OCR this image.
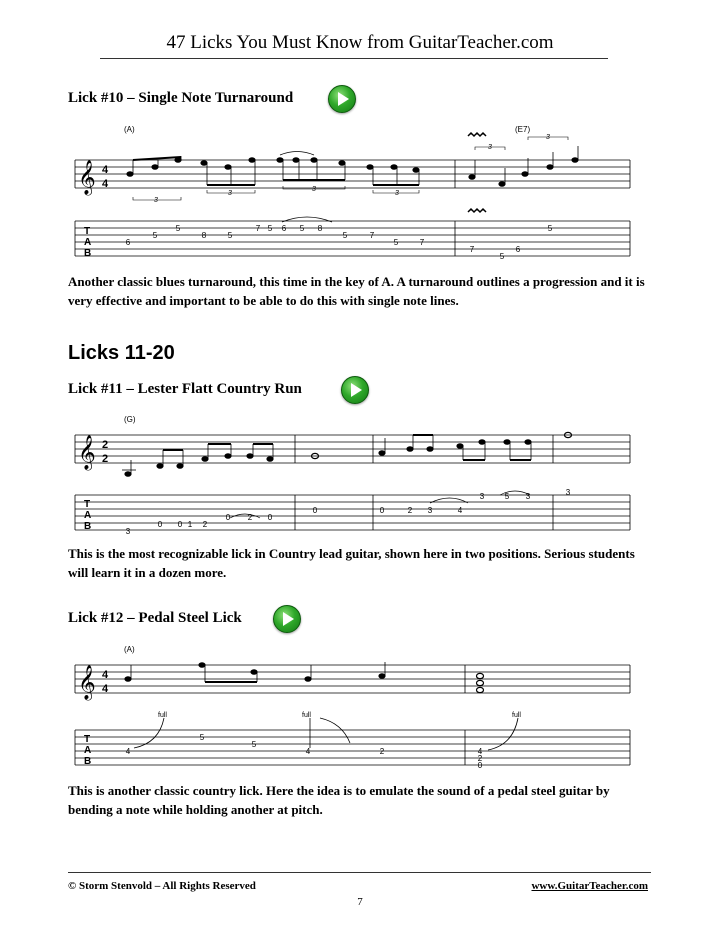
47 Licks You Must Know from GuitarTeacher.com
Lick #10 – Single Note Turnaround
(A)	(E7)
𝄞 4
4
3
3
3
3
3
3
T
A
B
6
5
5
8	5
7 5 6 5 8
5	7
5	7
7
5
6
5
Another classic blues turnaround, this time in the key of A. A turnaround outlines a progression and it is very effective and important to be able to do this with single note lines.
Licks 11-20
Lick #11 – Lester Flatt Country Run
(G)
𝄞 2
2
T
A
B	3
0 0 1 2
0 2 0
0	0	2 3	4
3	5 3	3
This is the most recognizable lick in Country lead guitar, shown here in two positions. Serious students will learn it in a dozen more.
Lick #12 – Pedal Steel Lick
(A)
𝄞 4
4
full	full	full
T
A
B
4
5
5
4	2	4
2
0
This is another classic country lick. Here the idea is to emulate the sound of a pedal steel guitar by bending a note while holding another at pitch.
© Storm Stenvold – All Rights Reserved	www.GuitarTeacher.com
7
